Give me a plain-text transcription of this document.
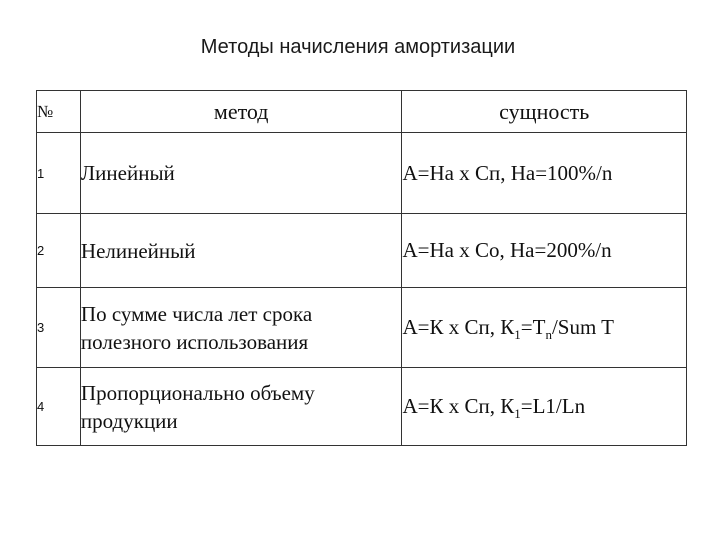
Методы начисления амортизации
№	метод	сущность
1	Линейный	А=На х Сп, На=100%/n
2	Нелинейный	А=На х Со, На=200%/n
3	По сумме числа лет срока полезного использования	А=К х Сп, $К_1=Т_n$/Sum T
4	Пропорционально объему продукции	А=К х Сп, $К_1=L1/Ln$
